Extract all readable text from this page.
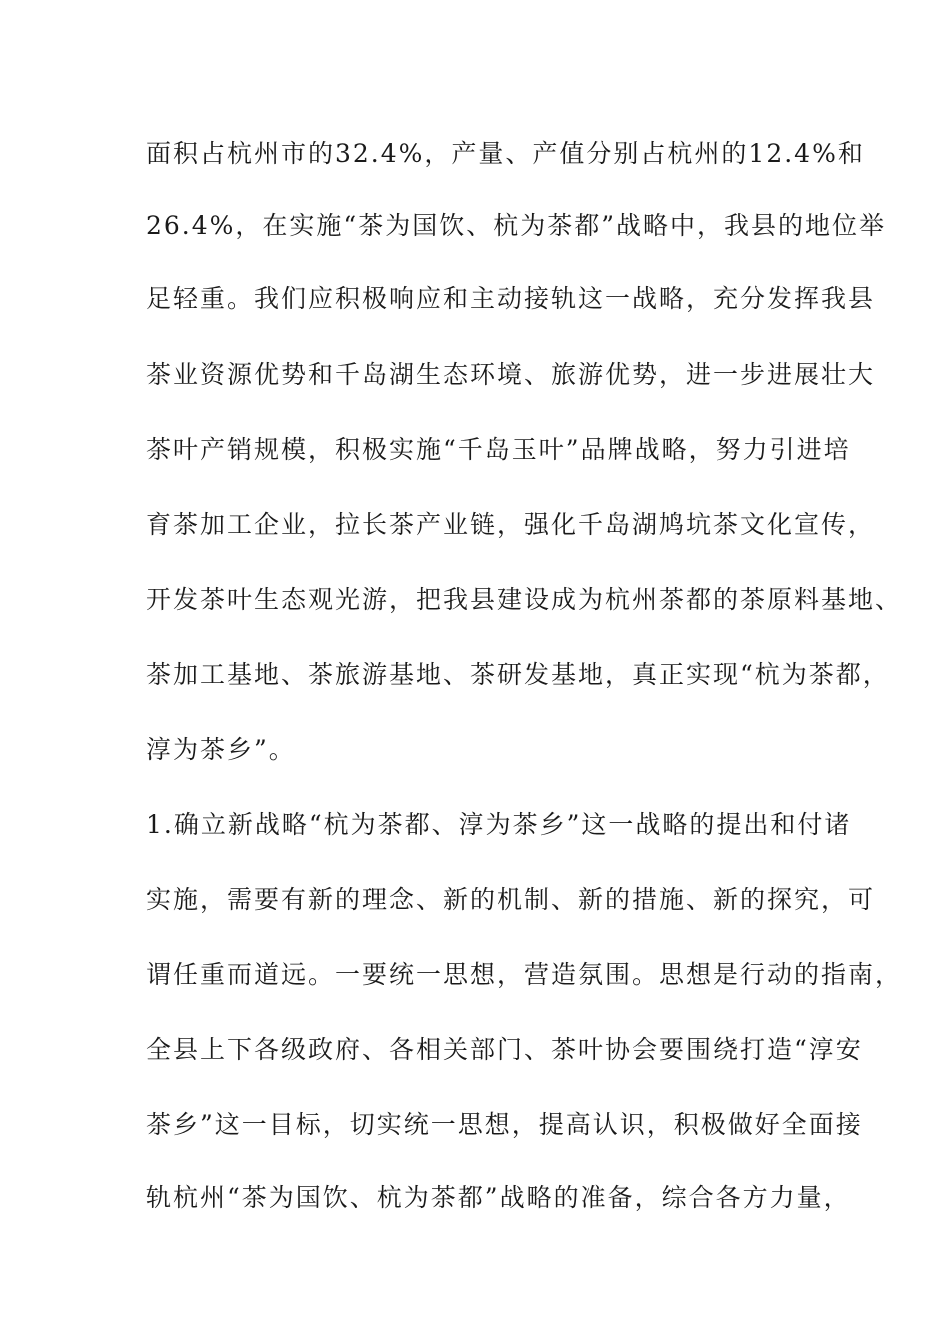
面积占杭州市的32.4%，产量、产值分别占杭州的12.4%和
26.4%，在实施“茶为国饮、杭为茶都”战略中，我县的地位举
足轻重。我们应积极响应和主动接轨这一战略，充分发挥我县
茶业资源优势和千岛湖生态环境、旅游优势，进一步进展壮大
茶叶产销规模，积极实施“千岛玉叶”品牌战略，努力引进培
育茶加工企业，拉长茶产业链，强化千岛湖鸠坑茶文化宣传，
开发茶叶生态观光游，把我县建设成为杭州茶都的茶原料基地、
茶加工基地、茶旅游基地、茶研发基地，真正实现“杭为茶都，
淳为茶乡”。
1.确立新战略“杭为茶都、淳为茶乡”这一战略的提出和付诸
实施，需要有新的理念、新的机制、新的措施、新的探究，可
谓任重而道远。一要统一思想，营造氛围。思想是行动的指南，
全县上下各级政府、各相关部门、茶叶协会要围绕打造“淳安
茶乡”这一目标，切实统一思想，提高认识，积极做好全面接
轨杭州“茶为国饮、杭为茶都”战略的准备，综合各方力量，
